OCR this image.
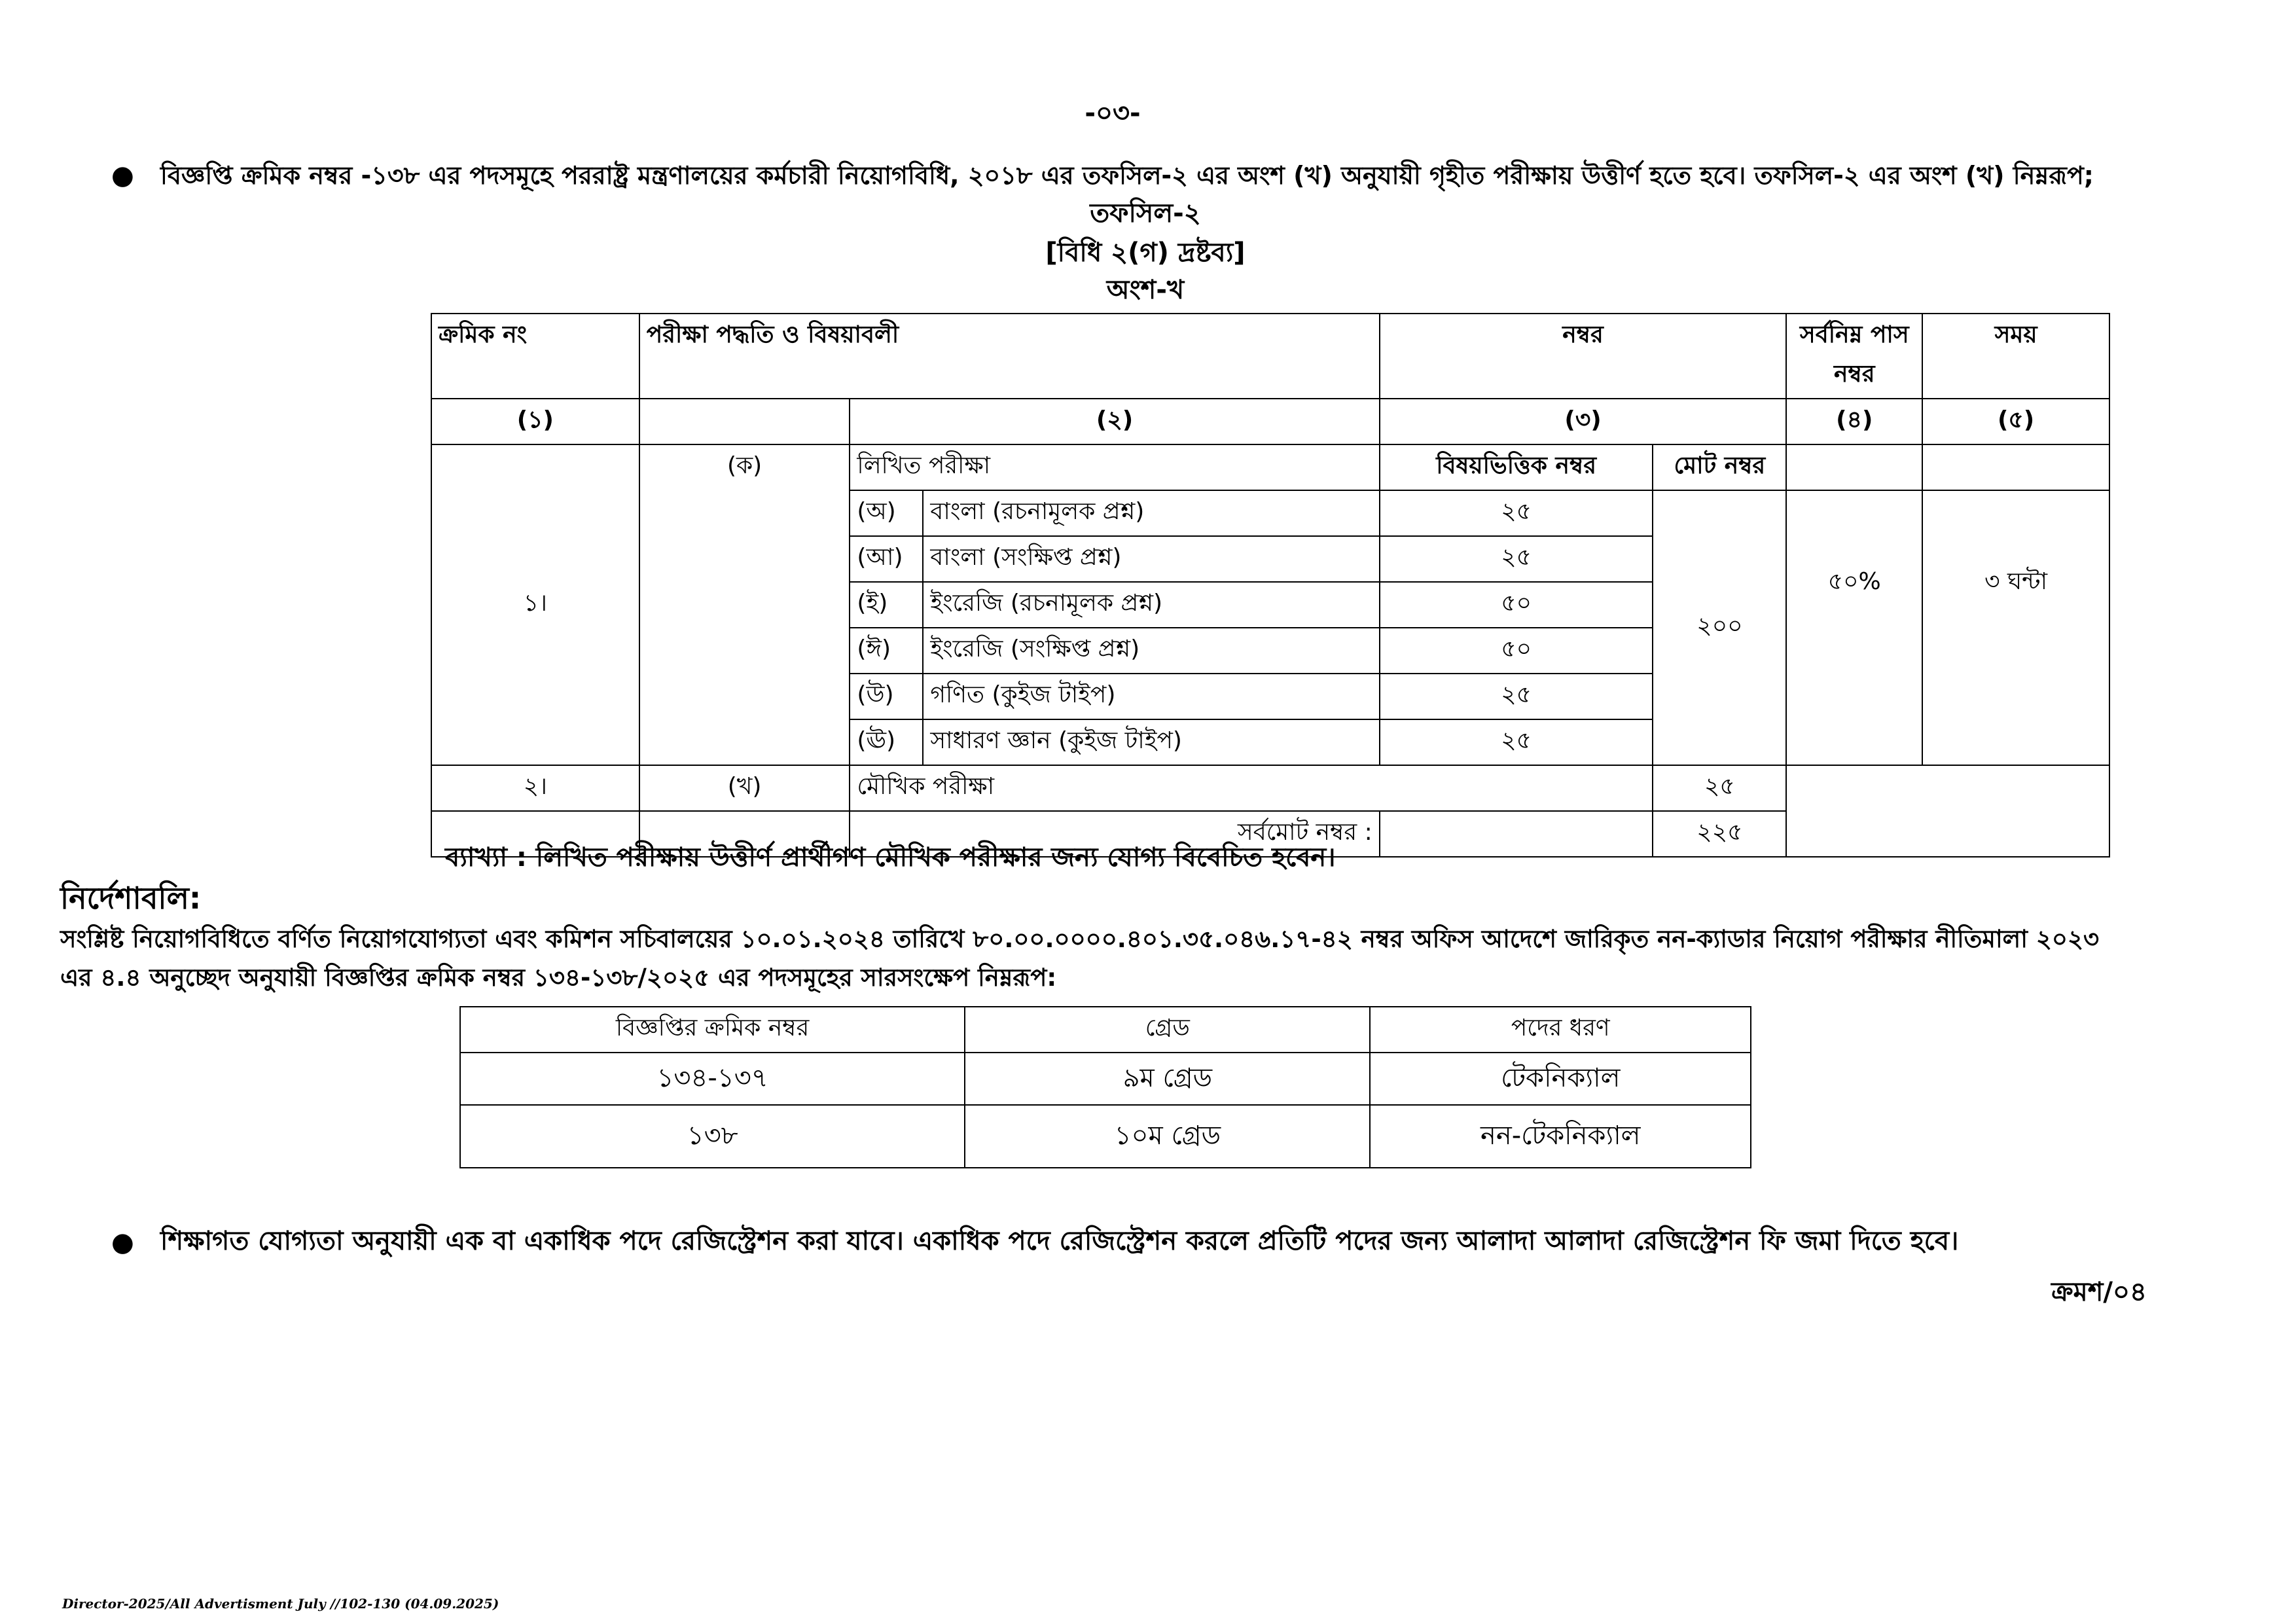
-০৩-
● বিজ্ঞপ্তি ক্রমিক নম্বর -১৩৮ এর পদসমূহে পররাষ্ট্র মন্ত্রণালয়ের কর্মচারী নিয়োগবিধি, ২০১৮ এর তফসিল-২ এর অংশ (খ) অনুযায়ী গৃহীত পরীক্ষায় উত্তীর্ণ হতে হবে। তফসিল-২ এর অংশ (খ) নিম্নরূপ;
তফসিল-২
[বিধি ২(গ) দ্রষ্টব্য]
অংশ-খ
ক্রমিক নং	পরীক্ষা পদ্ধতি ও বিষয়াবলী			নম্বর		সর্বনিম্ন পাস নম্বর	সময়
(১)		(২)		(৩)		(৪)	(৫)
১।	(ক)	লিখিত পরীক্ষা		বিষয়ভিত্তিক নম্বর	মোট নম্বর		
		(অ)	বাংলা (রচনামূলক প্রশ্ন)	২৫	২০০	৫০%	৩ ঘন্টা
		(আ)	বাংলা (সংক্ষিপ্ত প্রশ্ন)	২৫			
		(ই)	ইংরেজি (রচনামূলক প্রশ্ন)	৫০			
		(ঈ)	ইংরেজি (সংক্ষিপ্ত প্রশ্ন)	৫০			
		(উ)	গণিত (কুইজ টাইপ)	২৫			
		(ঊ)	সাধারণ জ্ঞান (কুইজ টাইপ)	২৫			
২।	(খ)	মৌখিক পরীক্ষা			২৫		
		সর্বমোট নম্বর :			২২৫		
ব্যাখ্যা : লিখিত পরীক্ষায় উত্তীর্ণ প্রার্থীগণ মৌখিক পরীক্ষার জন্য যোগ্য বিবেচিত হবেন।
নির্দেশাবলি:
সংশ্লিষ্ট নিয়োগবিধিতে বর্ণিত নিয়োগযোগ্যতা এবং কমিশন সচিবালয়ের ১০.০১.২০২৪ তারিখে ৮০.০০.০০০০.৪০১.৩৫.০৪৬.১৭-৪২ নম্বর অফিস আদেশে জারিকৃত নন-ক্যাডার নিয়োগ পরীক্ষার নীতিমালা ২০২৩
এর ৪.৪ অনুচ্ছেদ অনুযায়ী বিজ্ঞপ্তির ক্রমিক নম্বর ১৩৪-১৩৮/২০২৫ এর পদসমূহের সারসংক্ষেপ নিম্নরূপ:
বিজ্ঞপ্তির ক্রমিক নম্বর	গ্রেড	পদের ধরণ
১৩৪-১৩৭	৯ম গ্রেড	টেকনিক্যাল
১৩৮	১০ম গ্রেড	নন-টেকনিক্যাল
● শিক্ষাগত যোগ্যতা অনুযায়ী এক বা একাধিক পদে রেজিস্ট্রেশন করা যাবে। একাধিক পদে রেজিস্ট্রেশন করলে প্রতিটি পদের জন্য আলাদা আলাদা রেজিস্ট্রেশন ফি জমা দিতে হবে।
ক্রমশ/০৪
Director-2025/All Advertisment July //102-130 (04.09.2025)
